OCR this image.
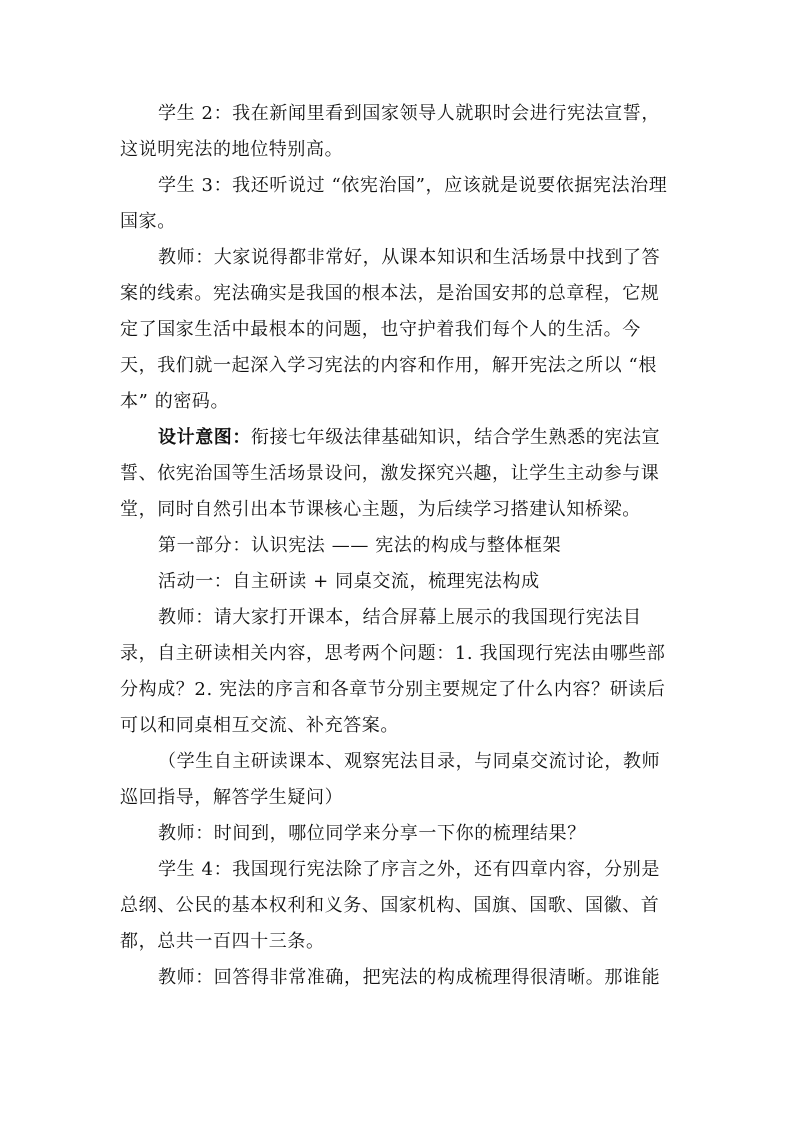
学生 2：我在新闻里看到国家领导人就职时会进行宪法宣誓，这说明宪法的地位特别高。

学生 3：我还听说过 “依宪治国”，应该就是说要依据宪法治理国家。

教师：大家说得都非常好，从课本知识和生活场景中找到了答案的线索。宪法确实是我国的根本法，是治国安邦的总章程，它规定了国家生活中最根本的问题，也守护着我们每个人的生活。今天，我们就一起深入学习宪法的内容和作用，解开宪法之所以 “根本” 的密码。

设计意图：衔接七年级法律基础知识，结合学生熟悉的宪法宣誓、依宪治国等生活场景设问，激发探究兴趣，让学生主动参与课堂，同时自然引出本节课核心主题，为后续学习搭建认知桥梁。

第一部分：认识宪法 —— 宪法的构成与整体框架

活动一：自主研读 + 同桌交流，梳理宪法构成

教师：请大家打开课本，结合屏幕上展示的我国现行宪法目录，自主研读相关内容，思考两个问题：1. 我国现行宪法由哪些部分构成？2. 宪法的序言和各章节分别主要规定了什么内容？研读后可以和同桌相互交流、补充答案。

（学生自主研读课本、观察宪法目录，与同桌交流讨论，教师巡回指导，解答学生疑问）

教师：时间到，哪位同学来分享一下你的梳理结果？

学生 4：我国现行宪法除了序言之外，还有四章内容，分别是总纲、公民的基本权利和义务、国家机构、国旗、国歌、国徽、首都，总共一百四十三条。

教师：回答得非常准确，把宪法的构成梳理得很清晰。那谁能
